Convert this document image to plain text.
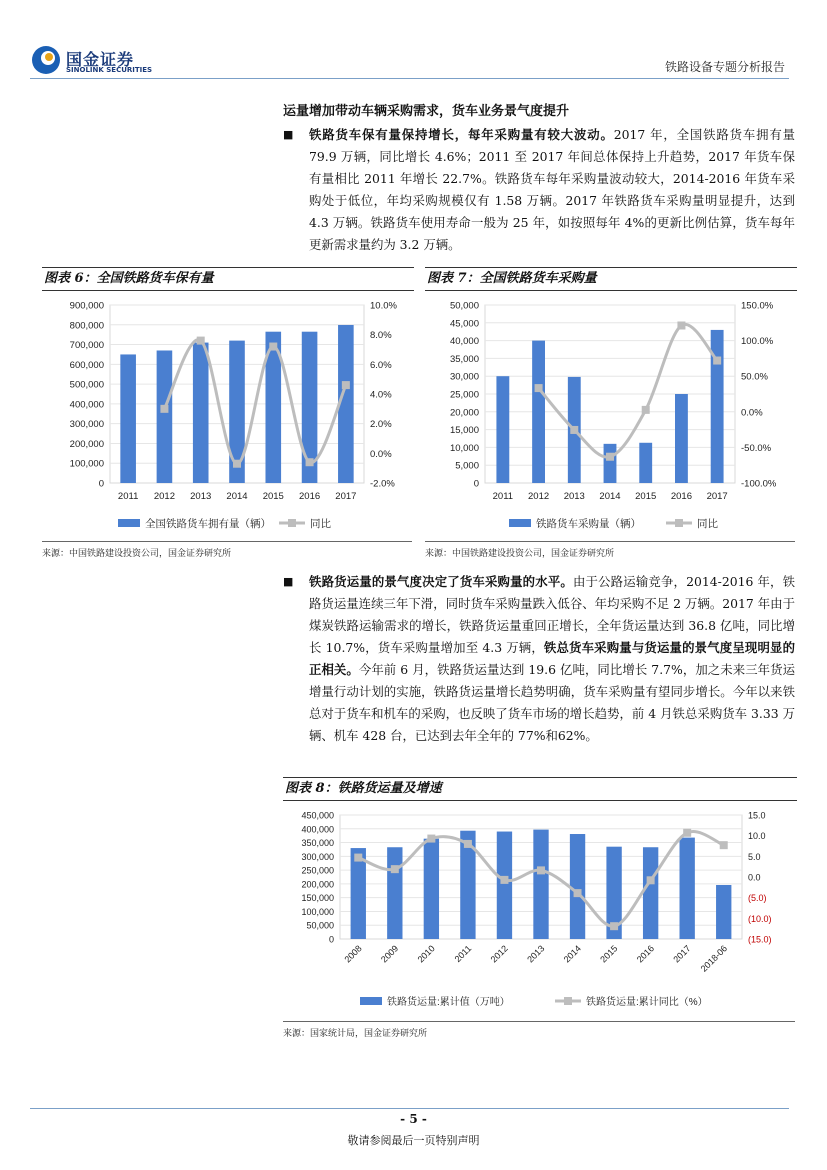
国金证券
SINOLINK SECURITIES	铁路设备专题分析报告
运量增加带动车辆采购需求，货车业务景气度提升
■ 铁路货车保有量保持增长，每年采购量有较大波动。2017 年，全国铁路货车拥有量 79.9 万辆，同比增长 4.6%；2011 至 2017 年间总体保持上升趋势，2017 年货车保有量相比 2011 年增长 22.7%。铁路货车每年采购量波动较大，2014-2016 年货车采购处于低位，年均采购规模仅有 1.58 万辆。2017 年铁路货车采购量明显提升，达到 4.3 万辆。铁路货车使用寿命一般为 25 年，如按照每年 4%的更新比例估算，货车每年更新需求量约为 3.2 万辆。
图表 6：全国铁路货车保有量
0
100,000
200,000
300,000
400,000
500,000
600,000
700,000
800,000
900,000
-2.0%
0.0%
2.0%
4.0%
6.0%
8.0%
10.0%
2011 2012 2013 2014 2015 2016 2017
全国铁路货车拥有量（辆）	同比
来源：中国铁路建设投资公司，国金证券研究所
图表 7：全国铁路货车采购量
0
5,000
10,000
15,000
20,000
25,000
30,000
35,000
40,000
45,000
50,000
-100.0%
-50.0%
0.0%
50.0%
100.0%
150.0%
2011 2012 2013 2014 2015 2016 2017
铁路货车采购量（辆）	同比
来源：中国铁路建设投资公司，国金证券研究所
■ 铁路货运量的景气度决定了货车采购量的水平。由于公路运输竞争，2014-2016 年，铁路货运量连续三年下滑，同时货车采购量跌入低谷、年均采购不足 2 万辆。2017 年由于煤炭铁路运输需求的增长，铁路货运量重回正增长，全年货运量达到 36.8 亿吨，同比增长 10.7%，货车采购量增加至 4.3 万辆，铁总货车采购量与货运量的景气度呈现明显的正相关。今年前 6 月，铁路货运量达到 19.6 亿吨，同比增长 7.7%，加之未来三年货运增量行动计划的实施，铁路货运量增长趋势明确，货车采购量有望同步增长。今年以来铁总对于货车和机车的采购，也反映了货车市场的增长趋势，前 4 月铁总采购货车 3.33 万辆、机车 428 台，已达到去年全年的 77%和62%。
图表 8：铁路货运量及增速
0
50,000
100,000
150,000
200,000
250,000
300,000
350,000
400,000
450,000
(15.0)
(10.0)
(5.0)
0.0
5.0
10.0
15.0
2008 2009 2010 2011 2012 2013 2014 2015 2016 2017 2018-06
铁路货运量:累计值（万吨）	铁路货运量:累计同比（%）
来源：国家统计局，国金证券研究所
- 5 -
敬请参阅最后一页特别声明
